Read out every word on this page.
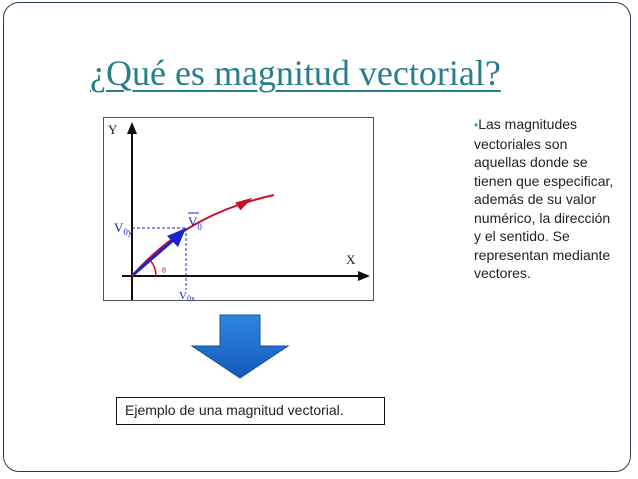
¿Qué es magnitud vectorial?
Y
X
θ
$V_{0y}$
$V_0$
V0x
•Las magnitudes vectoriales son aquellas donde se tienen que especificar, además de su valor numérico, la dirección y el sentido. Se representan mediante vectores.
Ejemplo de una magnitud vectorial.
·
